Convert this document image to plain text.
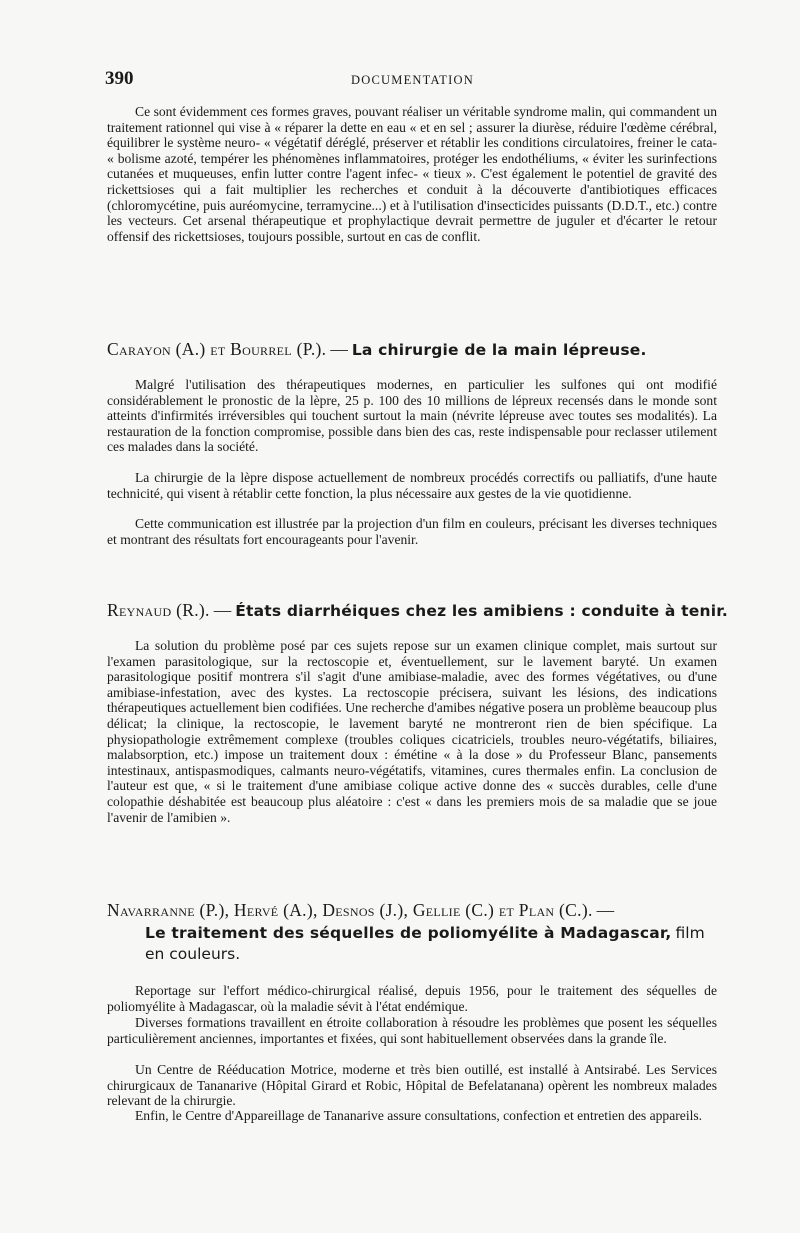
390	DOCUMENTATION

Ce sont évidemment ces formes graves, pouvant réaliser un véritable syndrome malin, qui commandent un traitement rationnel qui vise à « réparer la dette en eau « et en sel ; assurer la diurèse, réduire l'œdème cérébral, équilibrer le système neuro- « végétatif déréglé, préserver et rétablir les conditions circulatoires, freiner le cata- « bolisme azoté, tempérer les phénomènes inflammatoires, protéger les endothéliums, « éviter les surinfections cutanées et muqueuses, enfin lutter contre l'agent infec- « tieux ». C'est également le potentiel de gravité des rickettsioses qui a fait multiplier les recherches et conduit à la découverte d'antibiotiques efficaces (chloromycétine, puis auréomycine, terramycine...) et à l'utilisation d'insecticides puissants (D.D.T., etc.) contre les vecteurs. Cet arsenal thérapeutique et prophylactique devrait permettre de juguler et d'écarter le retour offensif des rickettsioses, toujours possible, surtout en cas de conflit.

Carayon (A.) et Bourrel (P.). — La chirurgie de la main lépreuse.

Malgré l'utilisation des thérapeutiques modernes, en particulier les sulfones qui ont modifié considérablement le pronostic de la lèpre, 25 p. 100 des 10 millions de lépreux recensés dans le monde sont atteints d'infirmités irréversibles qui touchent surtout la main (névrite lépreuse avec toutes ses modalités). La restauration de la fonction compromise, possible dans bien des cas, reste indispensable pour reclasser utilement ces malades dans la société.

La chirurgie de la lèpre dispose actuellement de nombreux procédés correctifs ou palliatifs, d'une haute technicité, qui visent à rétablir cette fonction, la plus nécessaire aux gestes de la vie quotidienne.

Cette communication est illustrée par la projection d'un film en couleurs, précisant les diverses techniques et montrant des résultats fort encourageants pour l'avenir.

Reynaud (R.). — États diarrhéiques chez les amibiens : conduite à tenir.

La solution du problème posé par ces sujets repose sur un examen clinique complet, mais surtout sur l'examen parasitologique, sur la rectoscopie et, éventuellement, sur le lavement baryté. Un examen parasitologique positif montrera s'il s'agit d'une amibiase-maladie, avec des formes végétatives, ou d'une amibiase-infestation, avec des kystes. La rectoscopie précisera, suivant les lésions, des indications thérapeutiques actuellement bien codifiées. Une recherche d'amibes négative posera un problème beaucoup plus délicat; la clinique, la rectoscopie, le lavement baryté ne montreront rien de bien spécifique. La physiopathologie extrêmement complexe (troubles coliques cicatriciels, troubles neuro-végétatifs, biliaires, malabsorption, etc.) impose un traitement doux : émétine « à la dose » du Professeur Blanc, pansements intestinaux, antispasmodiques, calmants neuro-végétatifs, vitamines, cures thermales enfin. La conclusion de l'auteur est que, « si le traitement d'une amibiase colique active donne des « succès durables, celle d'une colopathie déshabitée est beaucoup plus aléatoire : c'est « dans les premiers mois de sa maladie que se joue l'avenir de l'amibien ».

Navarranne (P.), Hervé (A.), Desnos (J.), Gellie (C.) et Plan (C.). —
Le traitement des séquelles de poliomyélite à Madagascar, film en couleurs.

Reportage sur l'effort médico-chirurgical réalisé, depuis 1956, pour le traitement des séquelles de poliomyélite à Madagascar, où la maladie sévit à l'état endémique.

Diverses formations travaillent en étroite collaboration à résoudre les problèmes que posent les séquelles particulièrement anciennes, importantes et fixées, qui sont habituellement observées dans la grande île.

Un Centre de Rééducation Motrice, moderne et très bien outillé, est installé à Antsirabé. Les Services chirurgicaux de Tananarive (Hôpital Girard et Robic, Hôpital de Befelatanana) opèrent les nombreux malades relevant de la chirurgie.

Enfin, le Centre d'Appareillage de Tananarive assure consultations, confection et entretien des appareils.
